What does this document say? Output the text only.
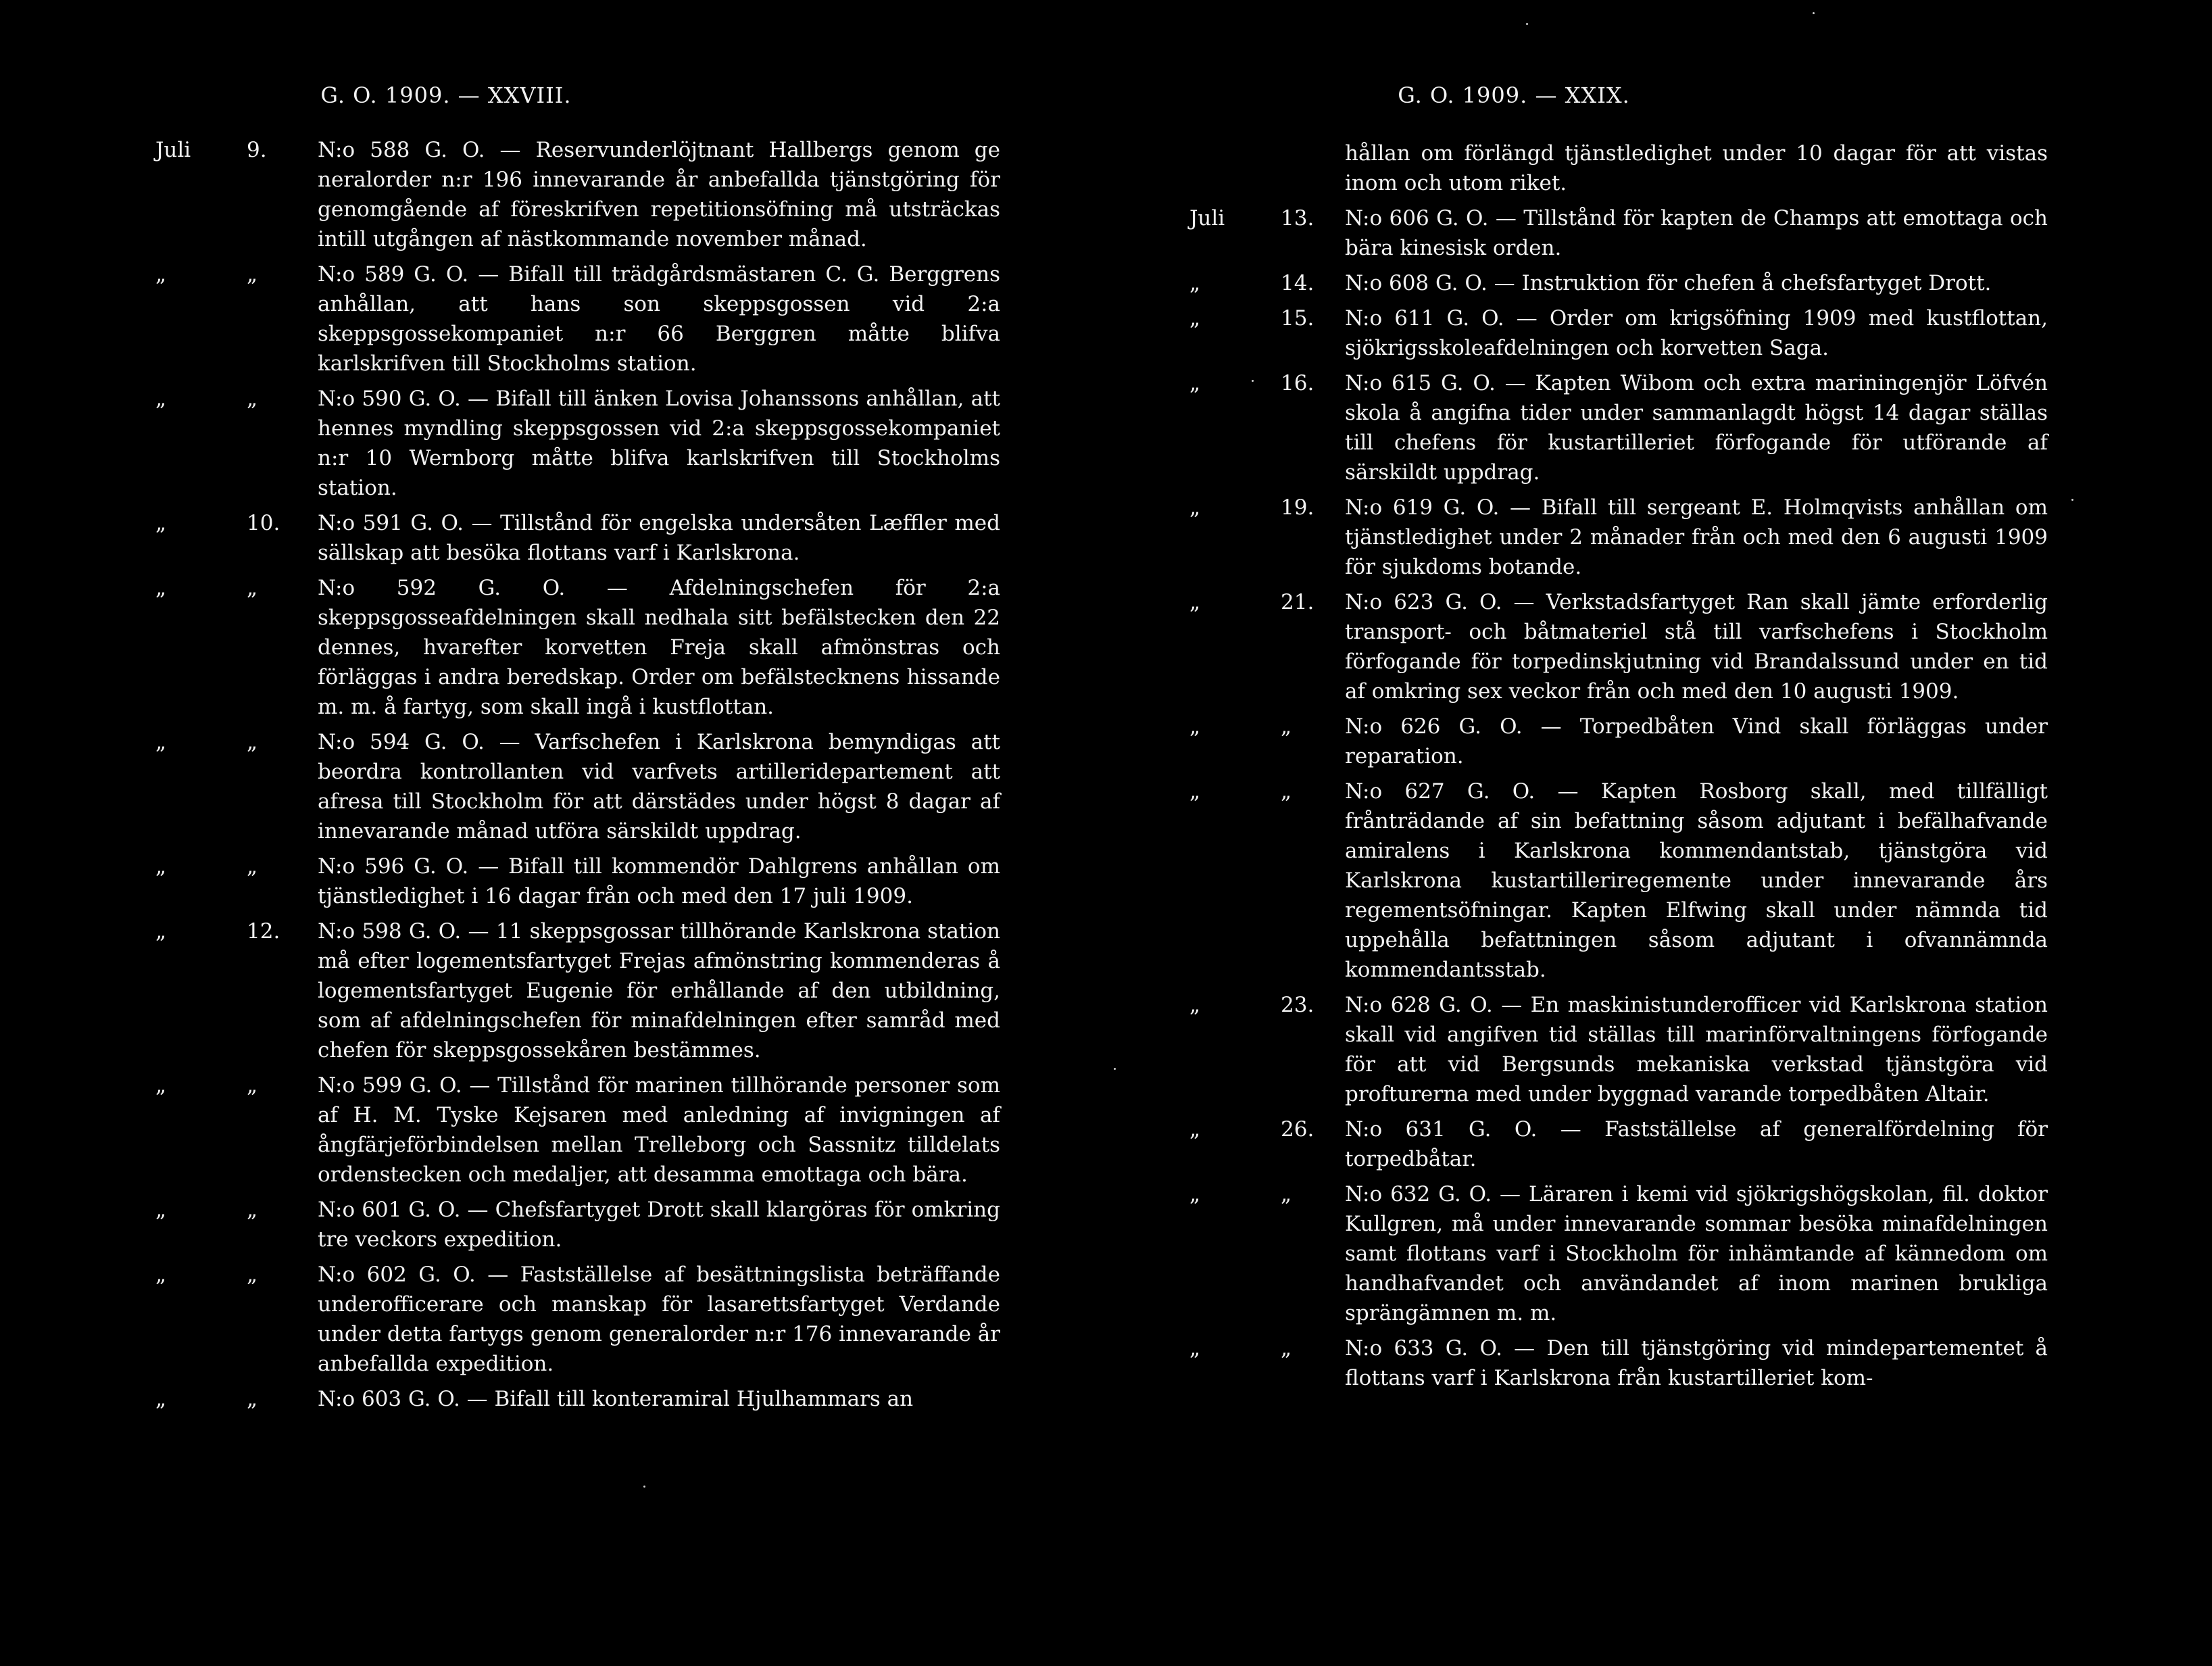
G. O. 1909. — XXVIII.
Juli	9. N:o 588 G. O. — Reservunderlöjtnant Hallbergs genom ge neralorder n:r 196 innevarande år anbefallda tjänstgöring för genomgående af föreskrifven repetitionsöfning må utsträckas intill utgången af nästkommande november månad.
„	„	N:o 589 G. O. — Bifall till trädgårdsmästaren C. G. Berggrens anhållan, att hans son skeppsgossen vid 2:a skeppsgossekompaniet n:r 66 Berggren måtte blifva karlskrifven till Stockholms station.
„	„	N:o 590 G. O. — Bifall till änken Lovisa Johanssons anhållan, att hennes myndling skeppsgossen vid 2:a skeppsgossekompaniet n:r 10 Wernborg måtte blifva karlskrifven till Stockholms station.
„	10. N:o 591 G. O. — Tillstånd för engelska undersåten Læffler med sällskap att besöka flottans varf i Karlskrona.
„	„	N:o 592 G. O. — Afdelningschefen för 2:a skeppsgosseafdelningen skall nedhala sitt befälstecken den 22 dennes, hvarefter korvetten Freja skall afmönstras och förläggas i andra beredskap. Order om befälstecknens hissande m. m. å fartyg, som skall ingå i kustflottan.
„	„	N:o 594 G. O. — Varfschefen i Karlskrona bemyndigas att beordra kontrollanten vid varfvets artilleridepartement att afresa till Stockholm för att därstädes under högst 8 dagar af innevarande månad utföra särskildt uppdrag.
„	„	N:o 596 G. O. — Bifall till kommendör Dahlgrens anhållan om tjänstledighet i 16 dagar från och med den 17 juli 1909.
„	12. N:o 598 G. O. — 11 skeppsgossar tillhörande Karlskrona station må efter logementsfartyget Frejas afmönstring kommenderas å logementsfartyget Eugenie för erhållande af den utbildning, som af afdelningschefen för minafdelningen efter samråd med chefen för skeppsgossekåren bestämmes.
„	„	N:o 599 G. O. — Tillstånd för marinen tillhörande personer som af H. M. Tyske Kejsaren med anledning af invigningen af ångfärjeförbindelsen mellan Trelleborg och Sassnitz tilldelats ordenstecken och medaljer, att desamma emottaga och bära.
„	„	N:o 601 G. O. — Chefsfartyget Drott skall klargöras för omkring tre veckors expedition.
„	„	N:o 602 G. O. — Fastställelse af besättningslista beträffande underofficerare och manskap för lasarettsfartyget Verdande under detta fartygs genom generalorder n:r 176 innevarande år anbefallda expedition.
„	„	N:o 603 G. O. — Bifall till konteramiral Hjulhammars an
G. O. 1909. — XXIX.
hållan om förlängd tjänstledighet under 10 dagar för att vistas inom och utom riket.
Juli	13. N:o 606 G. O. — Tillstånd för kapten de Champs att emottaga och bära kinesisk orden.
„	14. N:o 608 G. O. — Instruktion för chefen å chefsfartyget Drott.
„	15. N:o 611 G. O. — Order om krigsöfning 1909 med kustflottan, sjökrigsskoleafdelningen och korvetten Saga.
„	16. N:o 615 G. O. — Kapten Wibom och extra mariningenjör Löfvén skola å angifna tider under sammanlagdt högst 14 dagar ställas till chefens för kustartilleriet förfogande för utförande af särskildt uppdrag.
„	19. N:o 619 G. O. — Bifall till sergeant E. Holmqvists anhållan om tjänstledighet under 2 månader från och med den 6 augusti 1909 för sjukdoms botande.
„	21. N:o 623 G. O. — Verkstadsfartyget Ran skall jämte erforderlig transport- och båtmateriel stå till varfschefens i Stockholm förfogande för torpedinskjutning vid Brandalssund under en tid af omkring sex veckor från och med den 10 augusti 1909.
„	„	N:o 626 G. O. — Torpedbåten Vind skall förläggas under reparation.
„	„	N:o 627 G. O. — Kapten Rosborg skall, med tillfälligt frånträdande af sin befattning såsom adjutant i befälhafvande amiralens i Karlskrona kommendantstab, tjänstgöra vid Karlskrona kustartilleriregemente under innevarande års regementsöfningar. Kapten Elfwing skall under nämnda tid uppehålla befattningen såsom adjutant i ofvannämnda kommendantsstab.
„	23. N:o 628 G. O. — En maskinistunderofficer vid Karlskrona station skall vid angifven tid ställas till marinförvaltningens förfogande för att vid Bergsunds mekaniska verkstad tjänstgöra vid profturerna med under byggnad varande torpedbåten Altair.
„	26. N:o 631 G. O. — Fastställelse af generalfördelning för torpedbåtar.
„	„	N:o 632 G. O. — Läraren i kemi vid sjökrigshögskolan, fil. doktor Kullgren, må under innevarande sommar besöka minafdelningen samt flottans varf i Stockholm för inhämtande af kännedom om handhafvandet och användandet af inom marinen brukliga sprängämnen m. m.
„	„	N:o 633 G. O. — Den till tjänstgöring vid mindepartementet å flottans varf i Karlskrona från kustartilleriet kom-
